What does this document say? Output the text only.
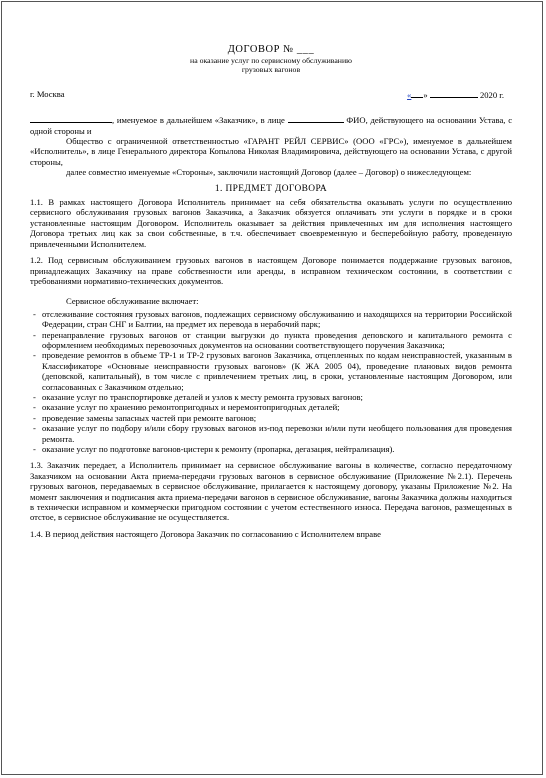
ДОГОВОР № ___
на оказание услуг по сервисному обслуживанию
грузовых вагонов
г. Москва	« »	2020 г.

, именуемое в дальнейшем «Заказчик», в лице	ФИО, действующего на основании Устава, с одной стороны и

Общество с ограниченной ответственностью «ГАРАНТ РЕЙЛ СЕРВИС» (ООО «ГРС»), именуемое в дальнейшем «Исполнитель», в лице Генерального директора Копылова Николая Владимировича, действующего на основании Устава, с другой стороны,

далее совместно именуемые «Стороны», заключили настоящий Договор (далее – Договор) о нижеследующем:

1. ПРЕДМЕТ ДОГОВОРА

1.1. В рамках настоящего Договора Исполнитель принимает на себя обязательства оказывать услуги по осуществлению сервисного обслуживания грузовых вагонов Заказчика, а Заказчик обязуется оплачивать эти услуги в порядке и в сроки установленные настоящим Договором. Исполнитель оказывает за действия привлеченных им для исполнения настоящего Договора третьих лиц как за свои собственные, в т.ч. обеспечивает своевременную и бесперебойную работу, проведенную привлеченными Исполнителем.

1.2. Под сервисным обслуживанием грузовых вагонов в настоящем Договоре понимается поддержание грузовых вагонов, принадлежащих Заказчику на праве собственности или аренды, в исправном техническом состоянии, в соответствии с требованиями нормативно-технических документов.

Сервисное обслуживание включает:

- отслеживание состояния грузовых вагонов, подлежащих сервисному обслуживанию и находящихся на территории Российской Федерации, стран СНГ и Балтии, на предмет их перевода в нерабочий парк;
- перенаправление грузовых вагонов от станции выгрузки до пункта проведения деповского и капитального ремонта с оформлением необходимых перевозочных документов на основании соответствующего поручения Заказчика;
- проведение ремонтов в объеме ТР-1 и ТР-2 грузовых вагонов Заказчика, отцепленных по кодам неисправностей, указанным в Классификаторе «Основные неисправности грузовых вагонов» (К ЖА 2005 04), проведение плановых видов ремонта (деповской, капитальный), в том числе с привлечением третьих лиц, в сроки, установленные настоящим Договором, или согласованных с Заказчиком отдельно;
- оказание услуг по транспортировке деталей и узлов к месту ремонта грузовых вагонов;
- оказание услуг по хранению ремонтопригодных и неремонтопригодных деталей;
- проведение замены запасных частей при ремонте вагонов;
- оказание услуг по подбору и/или сбору грузовых вагонов из-под перевозки и/или пути необщего пользования для проведения ремонта.
- оказание услуг по подготовке вагонов-цистерн к ремонту (пропарка, дегазация, нейтрализация).

1.3. Заказчик передает, а Исполнитель принимает на сервисное обслуживание вагоны в количестве, согласно передаточному Заказчиком на основании Акта приема-передачи грузовых вагонов в сервисное обслуживание (Приложение №2.1). Перечень грузовых вагонов, передаваемых в сервисное обслуживание, прилагается к настоящему договору, указаны Приложение №2. На момент заключения и подписания акта приема-передачи вагонов в сервисное обслуживание, вагоны Заказчика должны находиться в технически исправном и коммерчески пригодном состоянии с учетом естественного износа. Передача вагонов, размещенных в отстое, в сервисное обслуживание не осуществляется.

1.4. В период действия настоящего Договора Заказчик по согласованию с Исполнителем вправе
